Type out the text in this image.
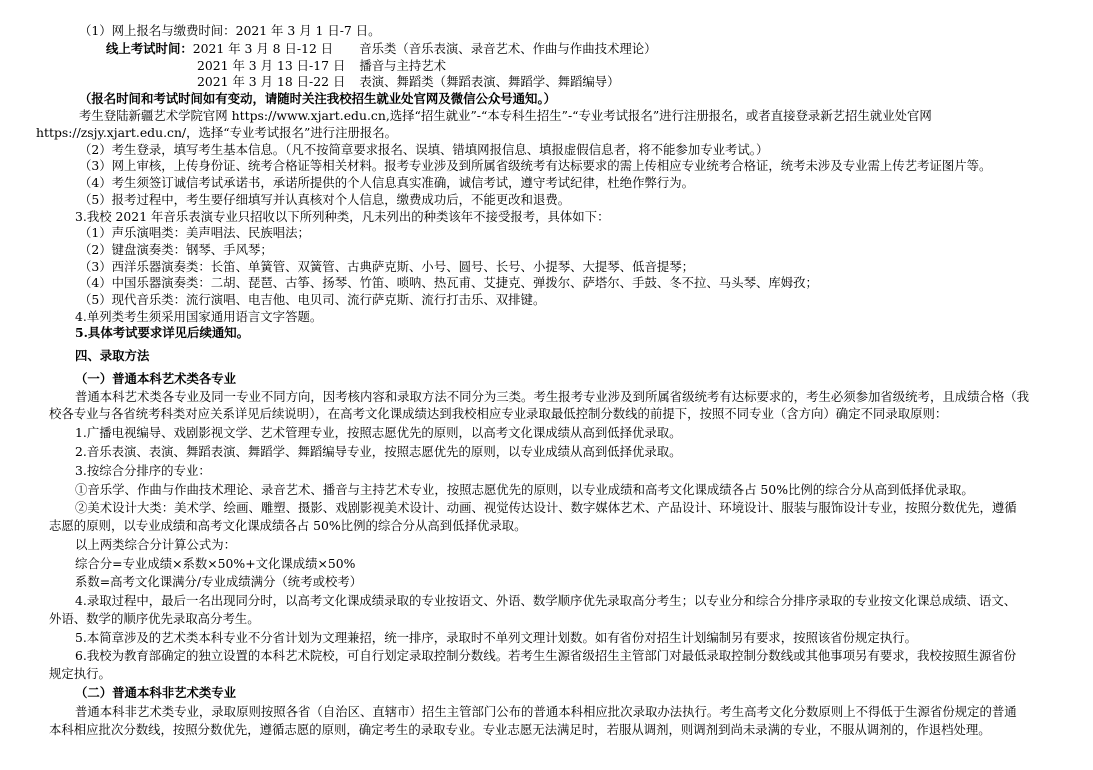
（1）网上报名与缴费时间：2021 年 3 月 1 日-7 日。
线上考试时间：2021 年 3 月 8 日-12 日 音乐类（音乐表演、录音艺术、作曲与作曲技术理论）
2021 年 3 月 13 日-17 日 播音与主持艺术
2021 年 3 月 18 日-22 日 表演、舞蹈类（舞蹈表演、舞蹈学、舞蹈编导）
（报名时间和考试时间如有变动，请随时关注我校招生就业处官网及微信公众号通知。）
考生登陆新疆艺术学院官网 https://www.xjart.edu.cn,选择“招生就业”-“本专科生招生”-“专业考试报名”进行注册报名，或者直接登录新艺招生就业处官网
https://zsjy.xjart.edu.cn/，选择“专业考试报名”进行注册报名。
（2）考生登录，填写考生基本信息。（凡不按简章要求报名、误填、错填网报信息、填报虚假信息者，将不能参加专业考试。）
（3）网上审核，上传身份证、统考合格证等相关材料。报考专业涉及到所属省级统考有达标要求的需上传相应专业统考合格证，统考未涉及专业需上传艺考证图片等。
（4）考生须签订诚信考试承诺书，承诺所提供的个人信息真实准确，诚信考试，遵守考试纪律，杜绝作弊行为。
（5）报考过程中，考生要仔细填写并认真核对个人信息，缴费成功后，不能更改和退费。
3.我校 2021 年音乐表演专业只招收以下所列种类，凡未列出的种类该年不接受报考，具体如下：
（1）声乐演唱类：美声唱法、民族唱法；
（2）键盘演奏类：钢琴、手风琴；
（3）西洋乐器演奏类：长笛、单簧管、双簧管、古典萨克斯、小号、圆号、长号、小提琴、大提琴、低音提琴；
（4）中国乐器演奏类：二胡、琵琶、古筝、扬琴、竹笛、唢呐、热瓦甫、艾捷克、弹拨尔、萨塔尔、手鼓、冬不拉、马头琴、库姆孜；
（5）现代音乐类：流行演唱、电吉他、电贝司、流行萨克斯、流行打击乐、双排键。
4.单列类考生须采用国家通用语言文字答题。
5.具体考试要求详见后续通知。
四、录取方法
（一）普通本科艺术类各专业
普通本科艺术类各专业及同一专业不同方向，因考核内容和录取方法不同分为三类。考生报考专业涉及到所属省级统考有达标要求的，考生必须参加省级统考，且成绩合格（我
校各专业与各省统考科类对应关系详见后续说明），在高考文化课成绩达到我校相应专业录取最低控制分数线的前提下，按照不同专业（含方向）确定不同录取原则：
1.广播电视编导、戏剧影视文学、艺术管理专业，按照志愿优先的原则，以高考文化课成绩从高到低择优录取。
2.音乐表演、表演、舞蹈表演、舞蹈学、舞蹈编导专业，按照志愿优先的原则，以专业成绩从高到低择优录取。
3.按综合分排序的专业：
①音乐学、作曲与作曲技术理论、录音艺术、播音与主持艺术专业，按照志愿优先的原则，以专业成绩和高考文化课成绩各占 50%比例的综合分从高到低择优录取。
②美术设计大类：美术学、绘画、雕塑、摄影、戏剧影视美术设计、动画、视觉传达设计、数字媒体艺术、产品设计、环境设计、服装与服饰设计专业，按照分数优先，遵循
志愿的原则，以专业成绩和高考文化课成绩各占 50%比例的综合分从高到低择优录取。
以上两类综合分计算公式为：
综合分=专业成绩×系数×50%+文化课成绩×50%
系数=高考文化课满分/专业成绩满分（统考或校考）
4.录取过程中，最后一名出现同分时，以高考文化课成绩录取的专业按语文、外语、数学顺序优先录取高分考生；以专业分和综合分排序录取的专业按文化课总成绩、语文、
外语、数学的顺序优先录取高分考生。
5.本简章涉及的艺术类本科专业不分省计划为文理兼招，统一排序，录取时不单列文理计划数。如有省份对招生计划编制另有要求，按照该省份规定执行。
6.我校为教育部确定的独立设置的本科艺术院校，可自行划定录取控制分数线。若考生生源省级招生主管部门对最低录取控制分数线或其他事项另有要求，我校按照生源省份
规定执行。
（二）普通本科非艺术类专业
普通本科非艺术类专业，录取原则按照各省（自治区、直辖市）招生主管部门公布的普通本科相应批次录取办法执行。考生高考文化分数原则上不得低于生源省份规定的普通
本科相应批次分数线，按照分数优先，遵循志愿的原则，确定考生的录取专业。专业志愿无法满足时，若服从调剂，则调剂到尚未录满的专业，不服从调剂的，作退档处理。
